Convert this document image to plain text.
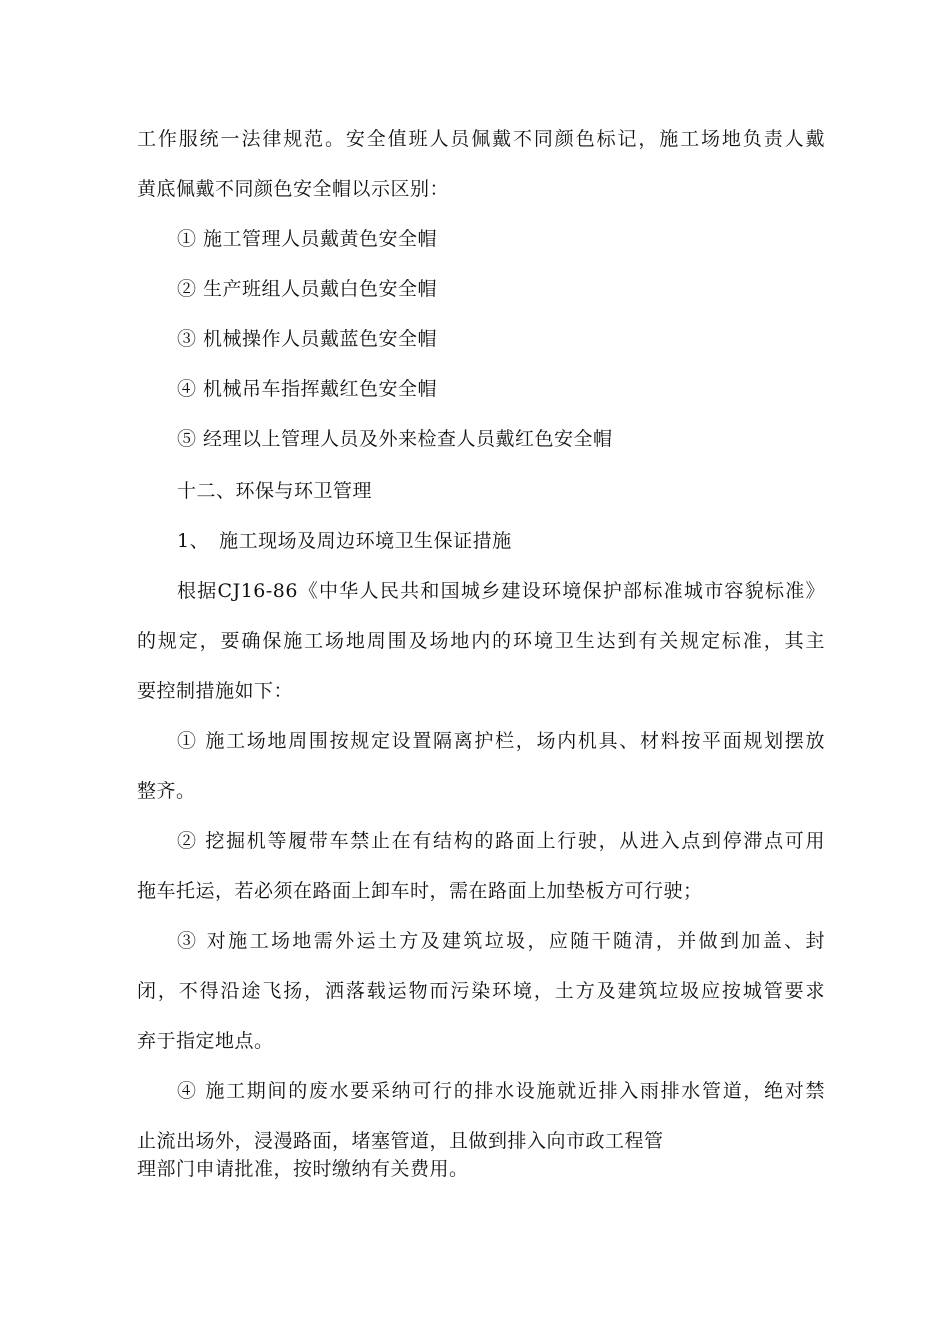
工作服统一法律规范。安全值班人员佩戴不同颜色标记，施工场地负责人戴
黄底佩戴不同颜色安全帽以示区别：
① 施工管理人员戴黄色安全帽
② 生产班组人员戴白色安全帽
③ 机械操作人员戴蓝色安全帽
④ 机械吊车指挥戴红色安全帽
⑤ 经理以上管理人员及外来检查人员戴红色安全帽
十二、环保与环卫管理
1、　施工现场及周边环境卫生保证措施
根据CJ16-86《中华人民共和国城乡建设环境保护部标准城市容貌标准》
的规定，要确保施工场地周围及场地内的环境卫生达到有关规定标准，其主
要控制措施如下：
① 施工场地周围按规定设置隔离护栏，场内机具、材料按平面规划摆放
整齐。
② 挖掘机等履带车禁止在有结构的路面上行驶，从进入点到停滞点可用
拖车托运，若必须在路面上卸车时，需在路面上加垫板方可行驶；
③ 对施工场地需外运土方及建筑垃圾，应随干随清，并做到加盖、封
闭，不得沿途飞扬，洒落载运物而污染环境，土方及建筑垃圾应按城管要求
弃于指定地点。
④ 施工期间的废水要采纳可行的排水设施就近排入雨排水管道，绝对禁
止流出场外，浸漫路面，堵塞管道，且做到排入向市政工程管
理部门申请批准，按时缴纳有关费用。
